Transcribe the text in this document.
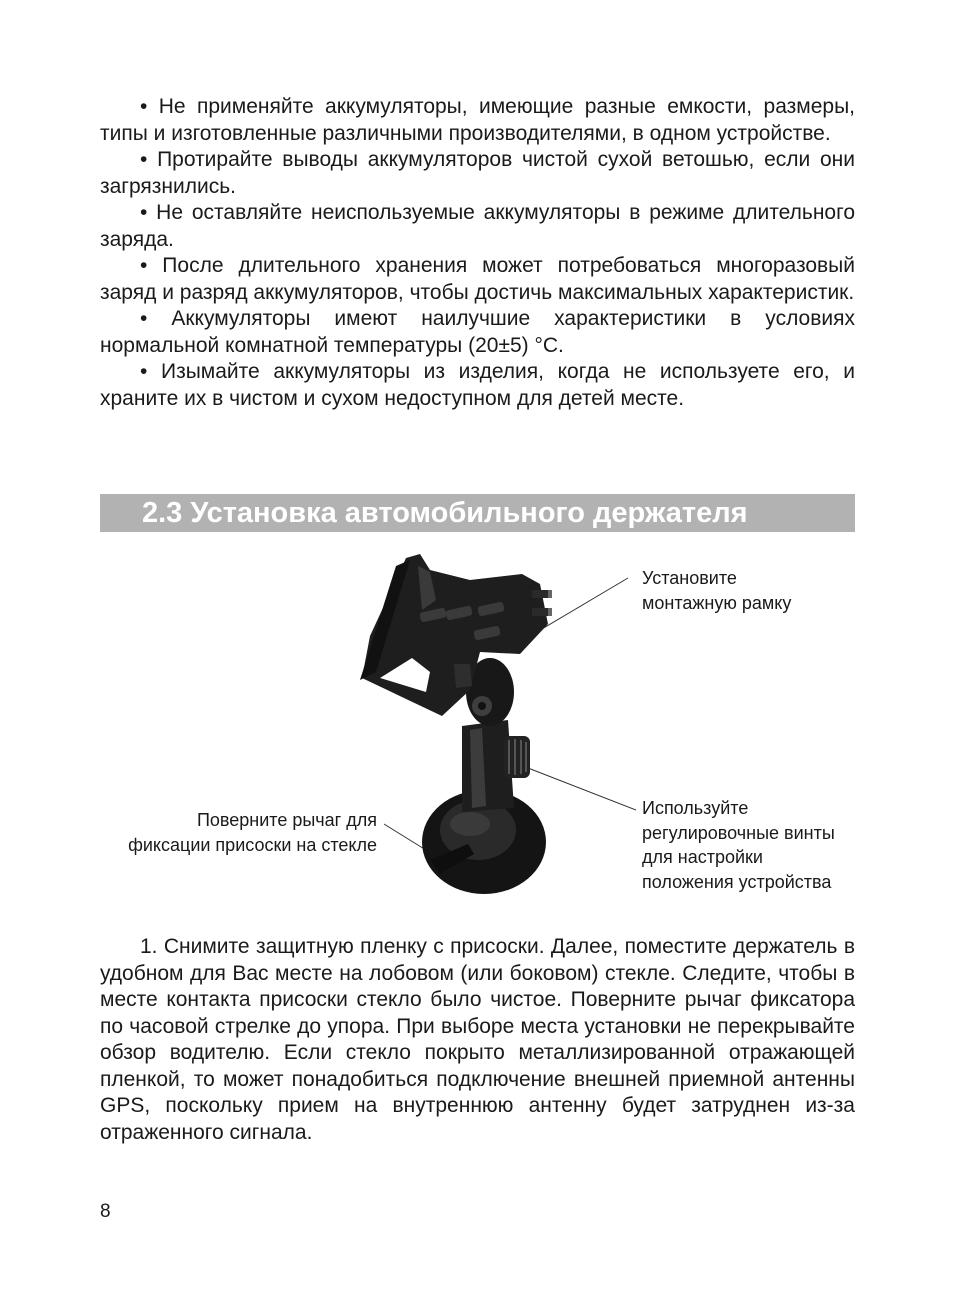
• Не применяйте аккумуляторы, имеющие разные емкости, размеры, типы и изготовленные различными производителями, в одном устройстве.

• Протирайте выводы аккумуляторов чистой сухой ветошью, если они загрязнились.

• Не оставляйте неиспользуемые аккумуляторы в режиме длительного заряда.

• После длительного хранения может потребоваться многоразовый заряд и разряд аккумуляторов, чтобы достичь максимальных характеристик.

• Аккумуляторы имеют наилучшие характеристики в условиях нормальной комнатной температуры (20±5) °С.

• Изымайте аккумуляторы из изделия, когда не используете его, и храните их в чистом и сухом недоступном для детей месте.

2.3 Установка автомобильного держателя
Установите
монтажную рамку
Поверните рычаг для
фиксации присоски на стекле
Используйте
регулировочные винты
для настройки
положения устройства

1. Снимите защитную пленку с присоски. Далее, поместите держатель в удобном для Вас месте на лобовом (или боковом) стекле. Следите, чтобы в месте контакта присоски стекло было чистое. Поверните рычаг фиксатора по часовой стрелке до упора. При выборе места установки не перекрывайте обзор водителю. Если стекло покрыто металлизированной отражающей пленкой, то может понадобиться подключение внешней приемной антенны GPS, поскольку прием на внутреннюю антенну будет затруднен из-за отраженного сигнала.

8
